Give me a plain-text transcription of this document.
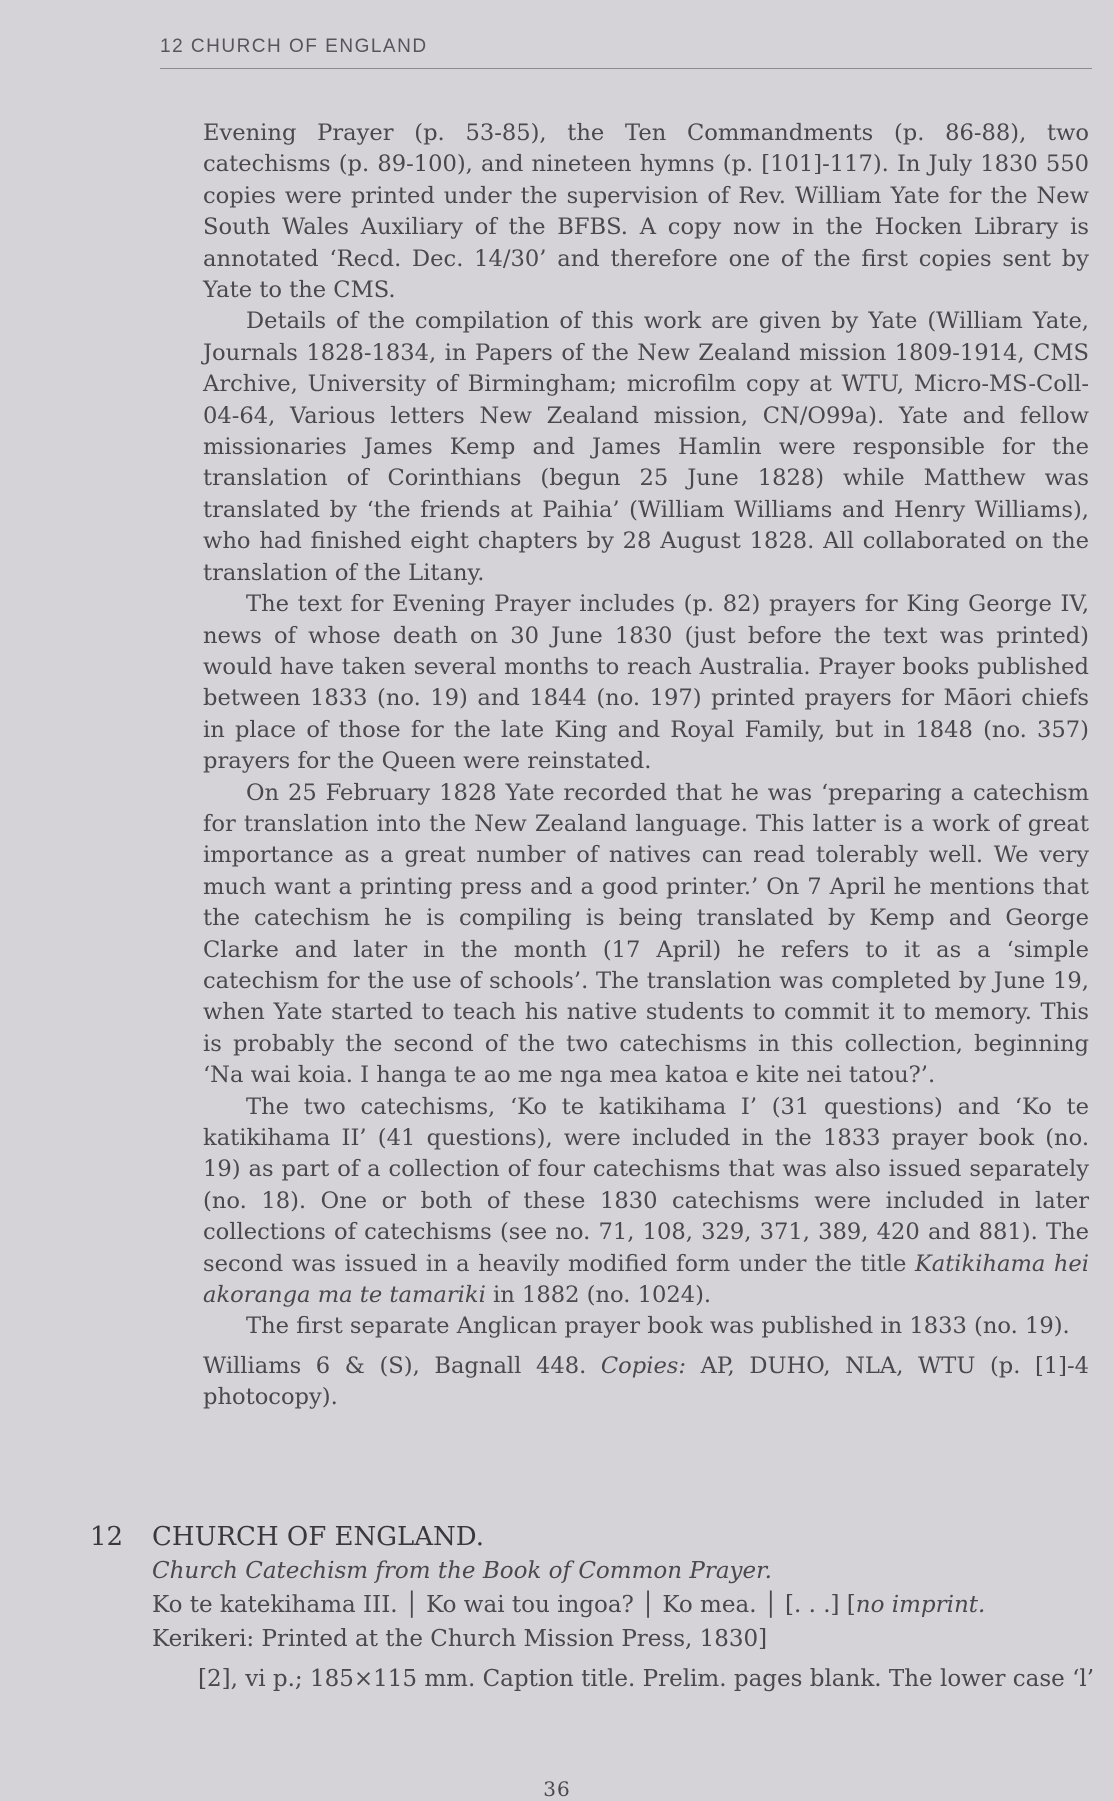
12 CHURCH OF ENGLAND

Evening Prayer (p. 53-85), the Ten Commandments (p. 86-88), two catechisms (p. 89-100), and nineteen hymns (p. [101]-117). In July 1830 550 copies were printed under the supervision of Rev. William Yate for the New South Wales Auxiliary of the BFBS. A copy now in the Hocken Library is annotated ‘Recd. Dec. 14/30’ and therefore one of the first copies sent by Yate to the CMS.

Details of the compilation of this work are given by Yate (William Yate, Journals 1828-1834, in Papers of the New Zealand mission 1809-1914, CMS Archive, University of Birmingham; microfilm copy at WTU, Micro-MS-Coll-04-64, Various letters New Zealand mission, CN/O99a). Yate and fellow missionaries James Kemp and James Hamlin were responsible for the translation of Corinthians (begun 25 June 1828) while Matthew was translated by ‘the friends at Paihia’ (William Williams and Henry Williams), who had finished eight chapters by 28 August 1828. All collaborated on the translation of the Litany.

The text for Evening Prayer includes (p. 82) prayers for King George IV, news of whose death on 30 June 1830 (just before the text was printed) would have taken several months to reach Australia. Prayer books published between 1833 (no. 19) and 1844 (no. 197) printed prayers for Māori chiefs in place of those for the late King and Royal Family, but in 1848 (no. 357) prayers for the Queen were reinstated.

On 25 February 1828 Yate recorded that he was ‘preparing a catechism for translation into the New Zealand language. This latter is a work of great importance as a great number of natives can read tolerably well. We very much want a printing press and a good printer.’ On 7 April he mentions that the catechism he is compiling is being translated by Kemp and George Clarke and later in the month (17 April) he refers to it as a ‘simple catechism for the use of schools’. The translation was completed by June 19, when Yate started to teach his native students to commit it to memory. This is probably the second of the two catechisms in this collection, beginning ‘Na wai koia. I hanga te ao me nga mea katoa e kite nei tatou?’.

The two catechisms, ‘Ko te katikihama I’ (31 questions) and ‘Ko te katikihama II’ (41 questions), were included in the 1833 prayer book (no. 19) as part of a collection of four catechisms that was also issued separately (no. 18). One or both of these 1830 catechisms were included in later collections of catechisms (see no. 71, 108, 329, 371, 389, 420 and 881). The second was issued in a heavily modified form under the title Katikihama hei akoranga ma te tamariki in 1882 (no. 1024).

The first separate Anglican prayer book was published in 1833 (no. 19).

Williams 6 & (S), Bagnall 448. Copies: AP, DUHO, NLA, WTU (p. [1]-4 photocopy).

12	CHURCH OF ENGLAND.
Church Catechism from the Book of Common Prayer.
Ko te katekihama III. │ Ko wai tou ingoa? │ Ko mea. │ [. . .] [no imprint.
Kerikeri: Printed at the Church Mission Press, 1830]
[2], vi p.; 185×115 mm. Caption title. Prelim. pages blank. The lower case ‘l’
36
